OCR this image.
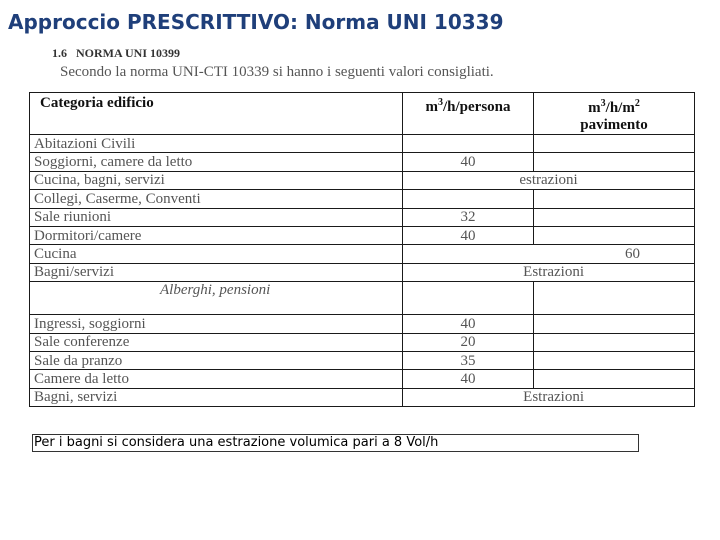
Approccio PRESCRITTIVO: Norma UNI 10339
1.6 NORMA UNI 10399
Secondo la norma UNI-CTI 10339 si hanno i seguenti valori consigliati.
Categoria edificio	$m^3/h$/persona	$m^3/h/m^2$
pavimento
Abitazioni Civili		
Soggiorni, camere da letto	40	
Cucina, bagni, servizi	estrazioni	
Collegi, Caserme, Conventi		
Sale riunioni	32	
Dormitori/camere	40	
Cucina	60	
Bagni/servizi	Estrazioni	
Alberghi, pensioni		
Ingressi, soggiorni	40	
Sale conferenze	20	
Sale da pranzo	35	
Camere da letto	40	
Bagni, servizi	Estrazioni	
Per i bagni si considera una estrazione volumica pari a 8 Vol/h
